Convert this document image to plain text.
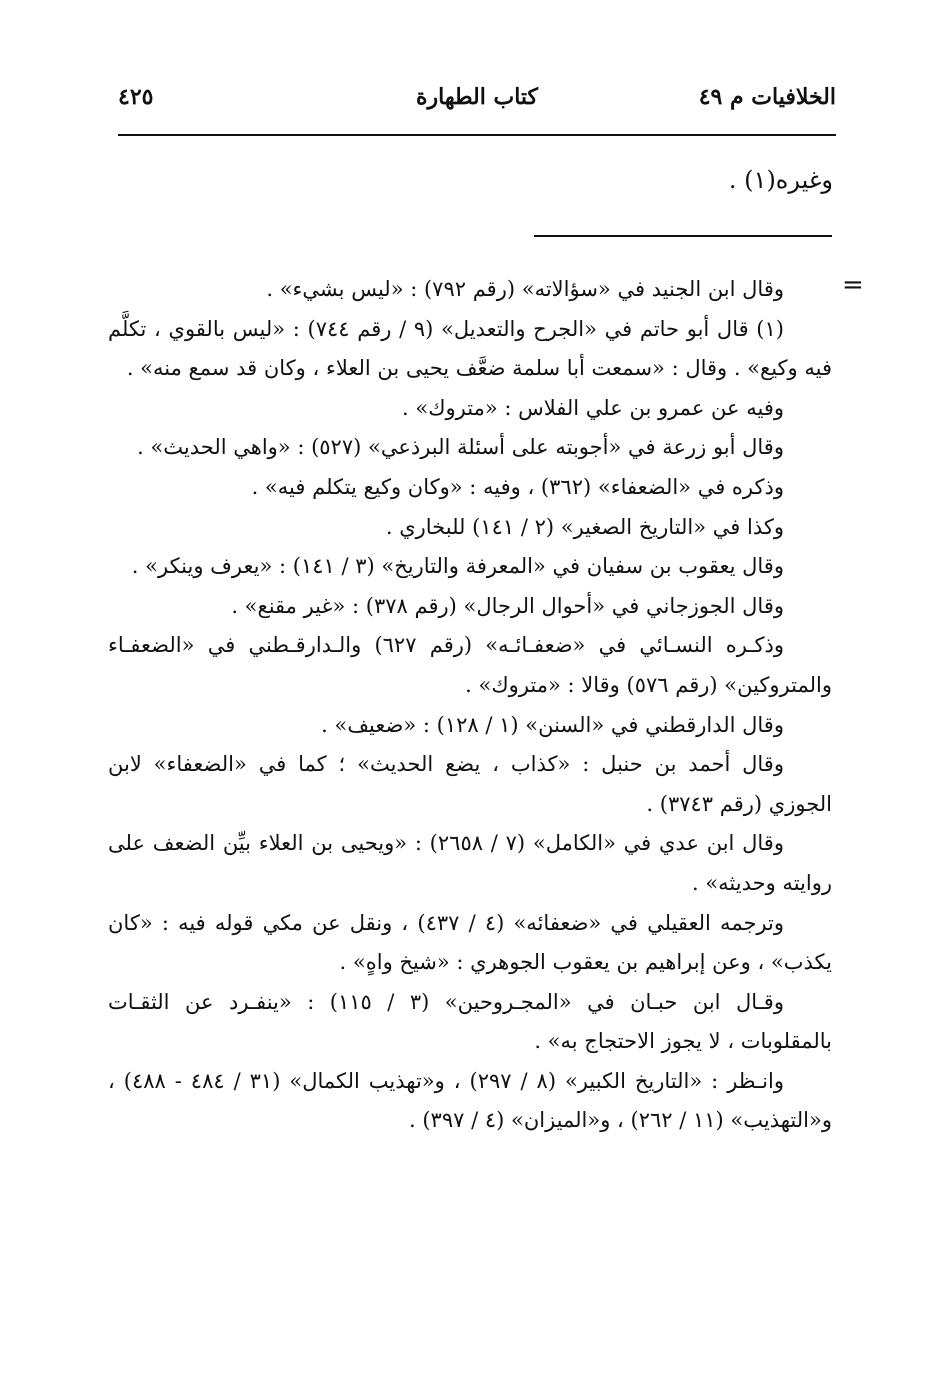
٤٢٥	كتاب الطهارة	الخلافيات م ٤٩
وغيره(١) .
=

وقال ابن الجنيد في «سؤالاته» (رقم ٧٩٢) : «ليس بشيء» .

(١) قال أبو حاتم في «الجرح والتعديل» (٩ / رقم ٧٤٤) : «ليس بالقوي ، تكلَّم فيه وكيع» . وقال : «سمعت أبا سلمة ضعَّف يحيى بن العلاء ، وكان قد سمع منه» .

وفيه عن عمرو بن علي الفلاس : «متروك» .

وقال أبو زرعة في «أجوبته على أسئلة البرذعي» (٥٢٧) : «واهي الحديث» .

وذكره في «الضعفاء» (٣٦٢) ، وفيه : «وكان وكيع يتكلم فيه» .

وكذا في «التاريخ الصغير» (٢ / ١٤١) للبخاري .

وقال يعقوب بن سفيان في «المعرفة والتاريخ» (٣ / ١٤١) : «يعرف وينكر» .

وقال الجوزجاني في «أحوال الرجال» (رقم ٣٧٨) : «غير مقنع» .

وذكـره النسـائي في «ضعفـائـه» (رقم ٦٢٧) والـدارقـطني في «الضعفـاء والمتروكين» (رقم ٥٧٦) وقالا : «متروك» .

وقال الدارقطني في «السنن» (١ / ١٢٨) : «ضعيف» .

وقال أحمد بن حنبل : «كذاب ، يضع الحديث» ؛ كما في «الضعفاء» لابن الجوزي (رقم ٣٧٤٣) .

وقال ابن عدي في «الكامل» (٧ / ٢٦٥٨) : «ويحيى بن العلاء بيِّن الضعف على روايته وحديثه» .

وترجمه العقيلي في «ضعفائه» (٤ / ٤٣٧) ، ونقل عن مكي قوله فيه : «كان يكذب» ، وعن إبراهيم بن يعقوب الجوهري : «شيخ واهٍ» .

وقـال ابن حبـان في «المجـروحين» (٣ / ١١٥) : «ينفـرد عن الثقـات بالمقلوبات ، لا يجوز الاحتجاج به» .

وانـظر : «التاريخ الكبير» (٨ / ٢٩٧) ، و«تهذيب الكمال» (٣١ / ٤٨٤ - ٤٨٨) ، و«التهذيب» (١١ / ٢٦٢) ، و«الميزان» (٤ / ٣٩٧) .
